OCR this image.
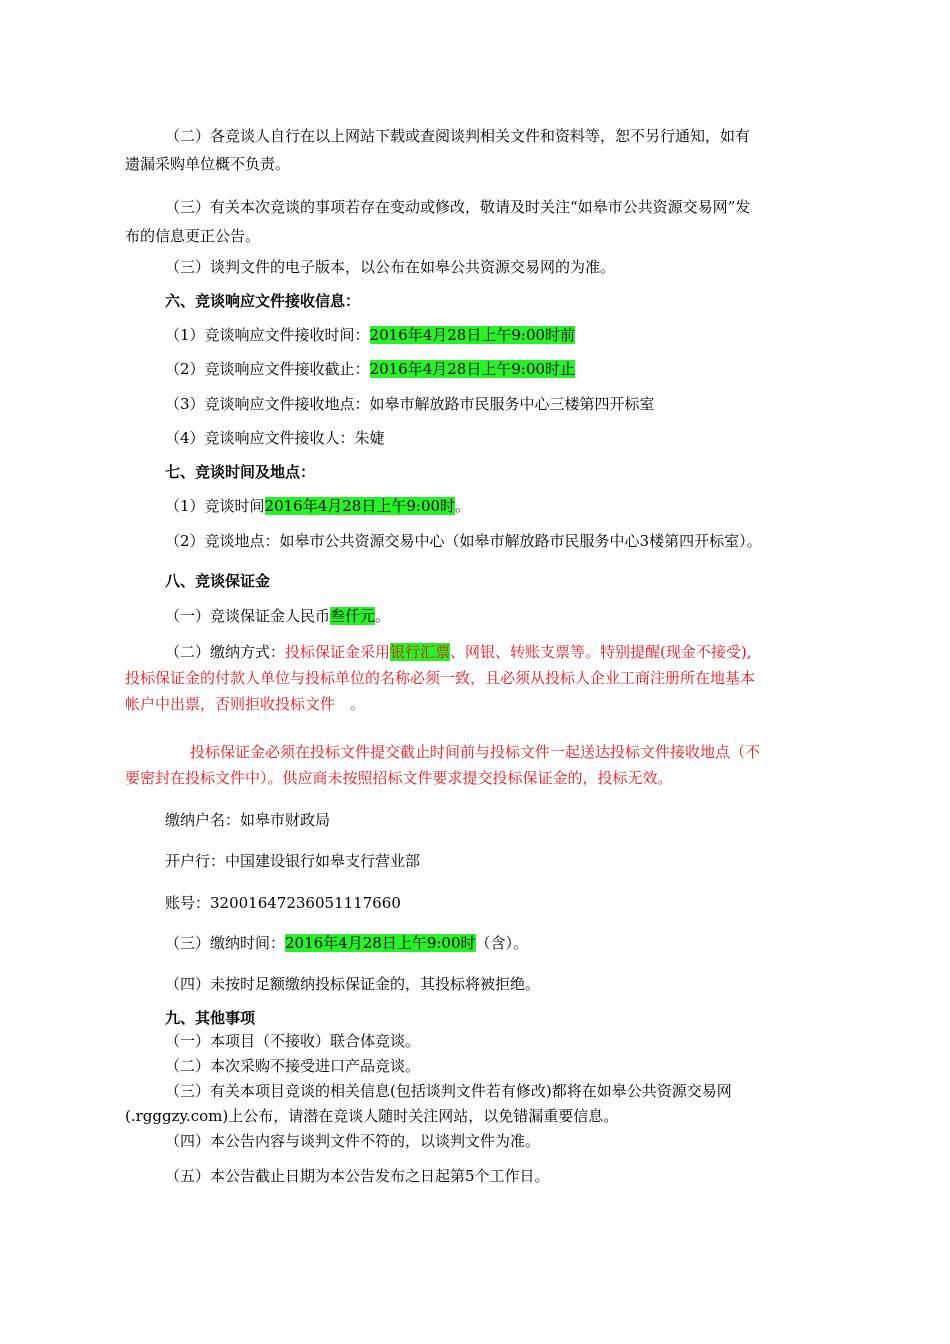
（二）各竞谈人自行在以上网站下载或查阅谈判相关文件和资料等，恕不另行通知，如有
遗漏采购单位概不负责。
（三）有关本次竞谈的事项若存在变动或修改，敬请及时关注“如皋市公共资源交易网”发
布的信息更正公告。
（三）谈判文件的电子版本，以公布在如皋公共资源交易网的为准。
六、竞谈响应文件接收信息：
（1）竞谈响应文件接收时间：2016年4月28日上午9:00时前
（2）竞谈响应文件接收截止：2016年4月28日上午9:00时止
（3）竞谈响应文件接收地点：如皋市解放路市民服务中心三楼第四开标室
（4）竞谈响应文件接收人：朱婕
七、竞谈时间及地点：
（1）竞谈时间2016年4月28日上午9:00时。
（2）竞谈地点：如皋市公共资源交易中心（如皋市解放路市民服务中心3楼第四开标室）。
八、竞谈保证金
（一）竞谈保证金人民币叁仟元。
（二）缴纳方式：投标保证金采用银行汇票、网银、转账支票等。特别提醒(现金不接受),
投标保证金的付款人单位与投标单位的名称必须一致，且必须从投标人企业工商注册所在地基本
帐户中出票，否则拒收投标文件　。
投标保证金必须在投标文件提交截止时间前与投标文件一起送达投标文件接收地点（不
要密封在投标文件中）。供应商未按照招标文件要求提交投标保证金的，投标无效。
缴纳户名：如皋市财政局
开户行：中国建设银行如皋支行营业部
账号：32001647236051117660
（三）缴纳时间：2016年4月28日上午9:00时（含）。
（四）未按时足额缴纳投标保证金的，其投标将被拒绝。
九、其他事项
（一）本项目（不接收）联合体竞谈。
（二）本次采购不接受进口产品竞谈。
（三）有关本项目竞谈的相关信息(包括谈判文件若有修改)都将在如皋公共资源交易网
(.rgggzy.com)上公布，请潜在竞谈人随时关注网站，以免错漏重要信息。
（四）本公告内容与谈判文件不符的，以谈判文件为准。
（五）本公告截止日期为本公告发布之日起第5个工作日。
